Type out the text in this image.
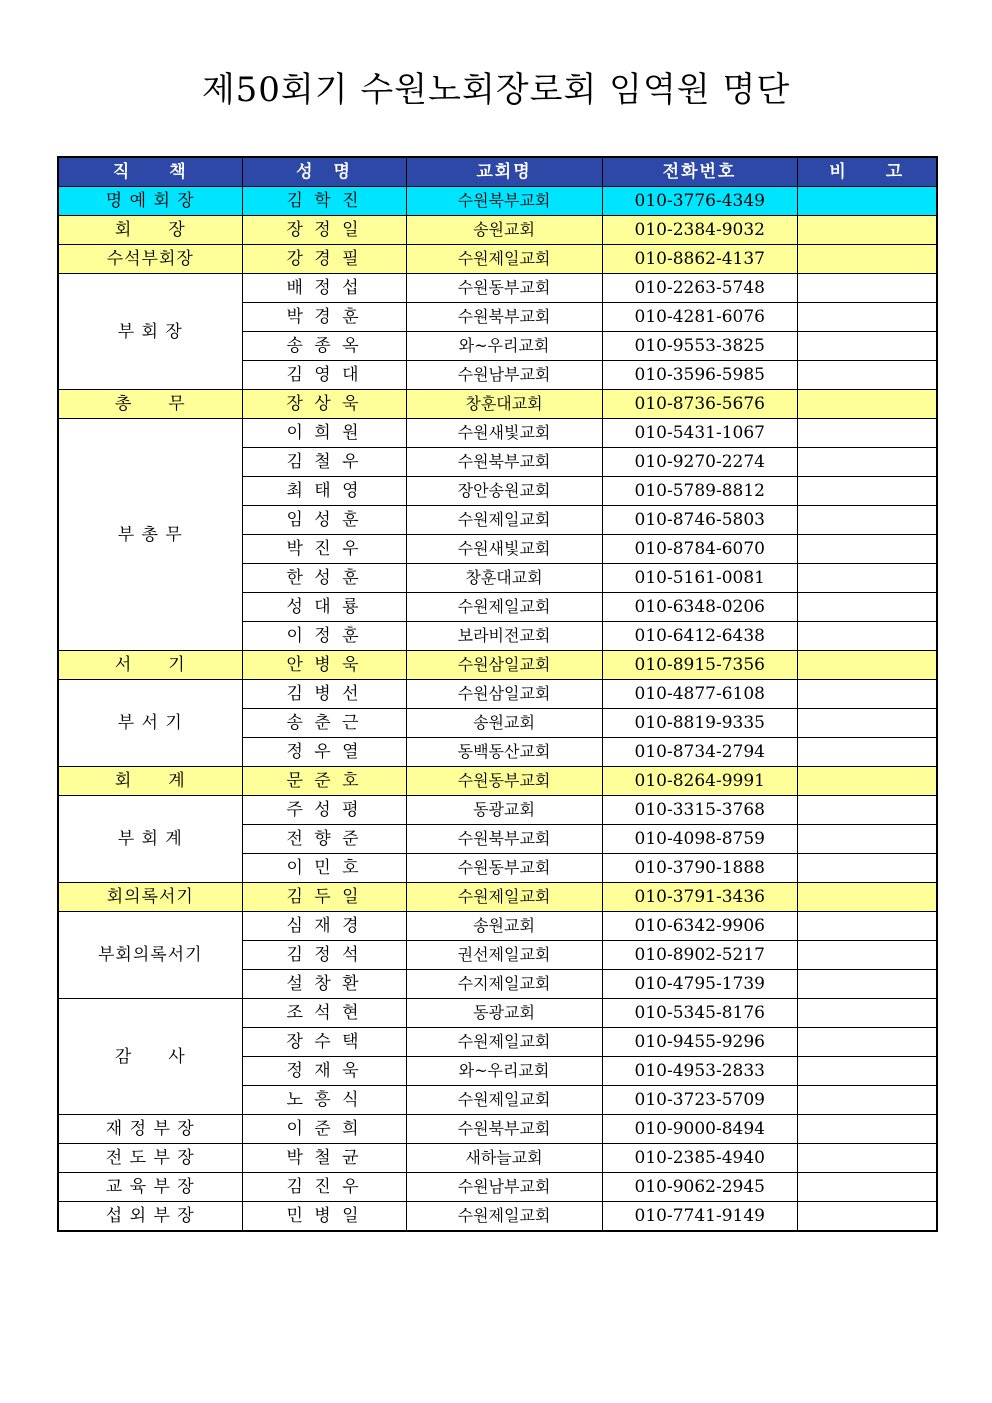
제50회기 수원노회장로회 임역원 명단
직　　책	성　명	교회명	전화번호	비　　고
명 예 회 장	김 학 진	수원북부교회	010-3776-4349	
회　　장	장 정 일	송원교회	010-2384-9032	
수석부회장	강 경 필	수원제일교회	010-8862-4137	
부 회 장	배 정 섭	수원동부교회	010-2263-5748	
	박 경 훈	수원북부교회	010-4281-6076	
	송 종 옥	와~우리교회	010-9553-3825	
	김 영 대	수원남부교회	010-3596-5985	
총　　무	장 상 욱	창훈대교회	010-8736-5676	
부 총 무	이 희 원	수원새빛교회	010-5431-1067	
	김 철 우	수원북부교회	010-9270-2274	
	최 태 영	장안송원교회	010-5789-8812	
	임 성 훈	수원제일교회	010-8746-5803	
	박 진 우	수원새빛교회	010-8784-6070	
	한 성 훈	창훈대교회	010-5161-0081	
	성 대 룡	수원제일교회	010-6348-0206	
	이 정 훈	보라비전교회	010-6412-6438	
서　　기	안 병 욱	수원삼일교회	010-8915-7356	
부 서 기	김 병 선	수원삼일교회	010-4877-6108	
	송 춘 근	송원교회	010-8819-9335	
	정 우 열	동백동산교회	010-8734-2794	
회　　계	문 준 호	수원동부교회	010-8264-9991	
부 회 계	주 성 평	동광교회	010-3315-3768	
	전 향 준	수원북부교회	010-4098-8759	
	이 민 호	수원동부교회	010-3790-1888	
회의록서기	김 두 일	수원제일교회	010-3791-3436	
부회의록서기	심 재 경	송원교회	010-6342-9906	
	김 정 석	권선제일교회	010-8902-5217	
	설 창 환	수지제일교회	010-4795-1739	
감　　사	조 석 현	동광교회	010-5345-8176	
	장 수 택	수원제일교회	010-9455-9296	
	정 재 욱	와~우리교회	010-4953-2833	
	노 흥 식	수원제일교회	010-3723-5709	
재 정 부 장	이 준 희	수원북부교회	010-9000-8494	
전 도 부 장	박 철 균	새하늘교회	010-2385-4940	
교 육 부 장	김 진 우	수원남부교회	010-9062-2945	
섭 외 부 장	민 병 일	수원제일교회	010-7741-9149	
